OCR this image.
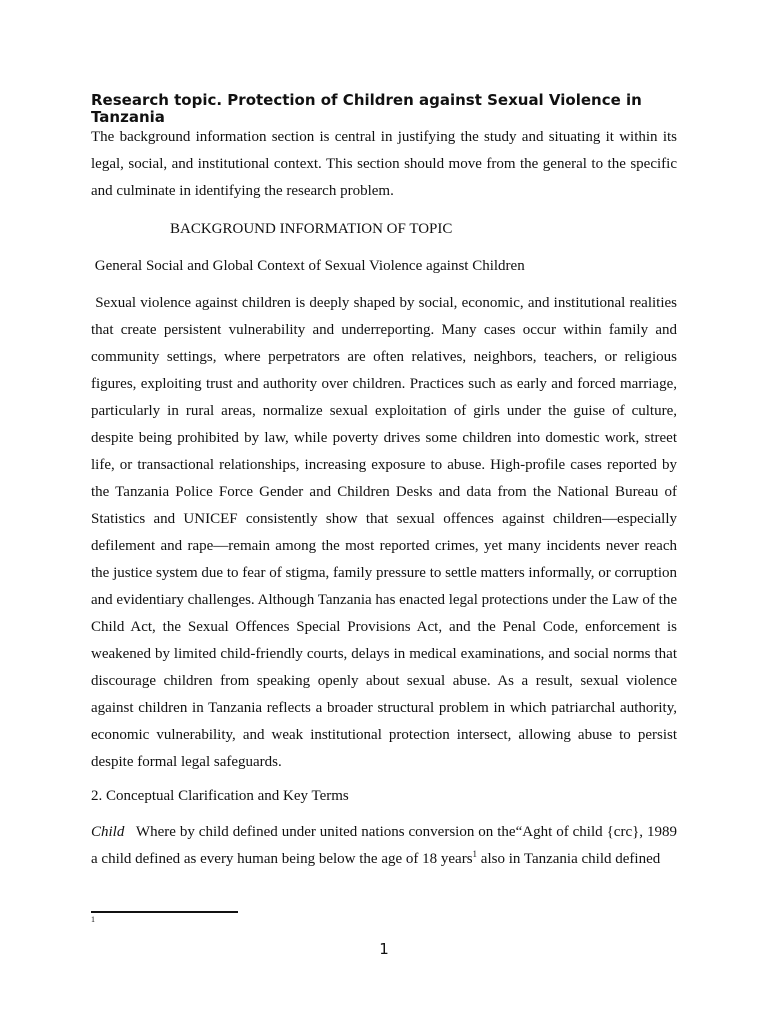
Research topic. Protection of Children against Sexual Violence in Tanzania

The background information section is central in justifying the study and situating it within its legal, social, and institutional context. This section should move from the general to the specific and culminate in identifying the research problem.

BACKGROUND INFORMATION OF TOPIC

General Social and Global Context of Sexual Violence against Children

Sexual violence against children is deeply shaped by social, economic, and institutional realities that create persistent vulnerability and underreporting. Many cases occur within family and community settings, where perpetrators are often relatives, neighbors, teachers, or religious figures, exploiting trust and authority over children. Practices such as early and forced marriage, particularly in rural areas, normalize sexual exploitation of girls under the guise of culture, despite being prohibited by law, while poverty drives some children into domestic work, street life, or transactional relationships, increasing exposure to abuse. High-profile cases reported by the Tanzania Police Force Gender and Children Desks and data from the National Bureau of Statistics and UNICEF consistently show that sexual offences against children—especially defilement and rape—remain among the most reported crimes, yet many incidents never reach the justice system due to fear of stigma, family pressure to settle matters informally, or corruption and evidentiary challenges. Although Tanzania has enacted legal protections under the Law of the Child Act, the Sexual Offences Special Provisions Act, and the Penal Code, enforcement is weakened by limited child-friendly courts, delays in medical examinations, and social norms that discourage children from speaking openly about sexual abuse. As a result, sexual violence against children in Tanzania reflects a broader structural problem in which patriarchal authority, economic vulnerability, and weak institutional protection intersect, allowing abuse to persist despite formal legal safeguards.

2. Conceptual Clarification and Key Terms

Child   Where by child defined under united nations conversion on the“Aght of child {crc}, 1989 a child defined as every human being below the age of 18 years$^1$ also in Tanzania child defined

1
1
